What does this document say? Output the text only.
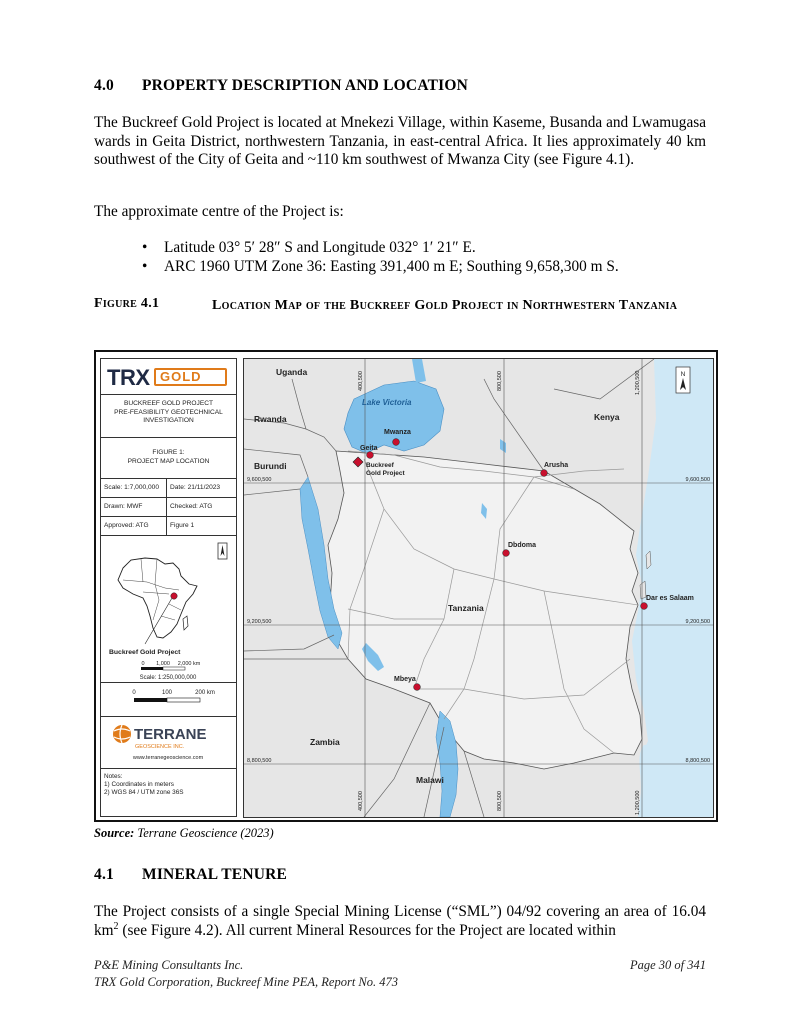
4.0 PROPERTY DESCRIPTION AND LOCATION

The Buckreef Gold Project is located at Mnekezi Village, within Kaseme, Busanda and Lwamugasa wards in Geita District, northwestern Tanzania, in east-central Africa. It lies approximately 40 km southwest of the City of Geita and ~110 km southwest of Mwanza City (see Figure 4.1).

The approximate centre of the Project is:

• Latitude 03° 5′ 28″ S and Longitude 032° 1′ 21″ E.
• ARC 1960 UTM Zone 36: Easting 391,400 m E; Southing 9,658,300 m S.
Figure 4.1	Location Map of the Buckreef Gold Project in Northwestern Tanzania
TRX GOLD
BUCKREEF GOLD PROJECT
PRE-FEASIBILITY GEOTECHNICAL
INVESTIGATION
FIGURE 1:
PROJECT MAP LOCATION
Scale: 1:7,000,000	Date: 21/11/2023
Drawn: MWF	Checked: ATG
Approved: ATG	Figure 1
Buckreef Gold Project
0 1,000 2,000 km
Scale: 1:250,000,000
0	100	200 km
TERRANE
GEOSCIENCE INC.
www.terranegeoscience.com
Notes:
1) Coordinates in meters
2) WGS 84 / UTM zone 36S
400,500	800,500	1,200,500
400,500	800,500	1,200,500
9,600,500
9,200,500
8,800,500
9,600,500
9,200,500
8,800,500
N
Uganda
Rwanda
Burundi
Kenya
Tanzania
Zambia
Malawi
Lake Victoria
Mwanza
Geita
Arusha
Dbdoma
Dar es Salaam
Mbeya
Buckreef
Gold Project
Source: Terrane Geoscience (2023)
4.1 MINERAL TENURE

The Project consists of a single Special Mining License (“SML”) 04/92 covering an area of 16.04 $km^2$ (see Figure 4.2). All current Mineral Resources for the Project are located within

P&E Mining Consultants Inc.	Page 30 of 341
TRX Gold Corporation, Buckreef Mine PEA, Report No. 473
